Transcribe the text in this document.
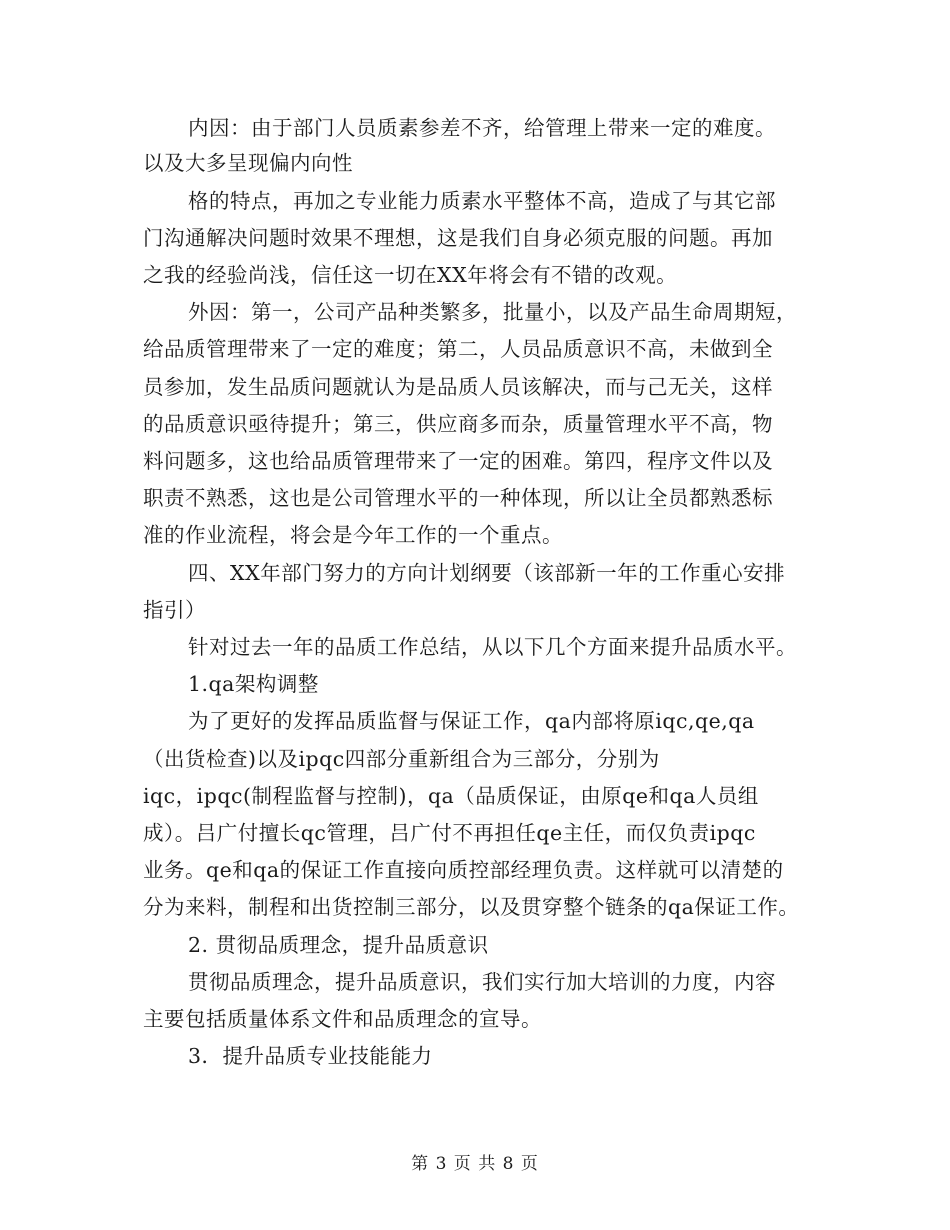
内因：由于部门人员质素参差不齐，给管理上带来一定的难度。
以及大多呈现偏内向性
格的特点，再加之专业能力质素水平整体不高，造成了与其它部
门沟通解决问题时效果不理想，这是我们自身必须克服的问题。再加
之我的经验尚浅，信任这一切在XX年将会有不错的改观。
外因：第一，公司产品种类繁多，批量小，以及产品生命周期短，
给品质管理带来了一定的难度；第二，人员品质意识不高，未做到全
员参加，发生品质问题就认为是品质人员该解决，而与己无关，这样
的品质意识亟待提升；第三，供应商多而杂，质量管理水平不高，物
料问题多，这也给品质管理带来了一定的困难。第四，程序文件以及
职责不熟悉，这也是公司管理水平的一种体现，所以让全员都熟悉标
准的作业流程，将会是今年工作的一个重点。
四、XX年部门努力的方向计划纲要（该部新一年的工作重心安排
指引）
针对过去一年的品质工作总结，从以下几个方面来提升品质水平。
1.qa架构调整
为了更好的发挥品质监督与保证工作，qa内部将原iqc,qe,qa
（出货检查)以及ipqc四部分重新组合为三部分，分别为
iqc，ipqc(制程监督与控制)，qa（品质保证，由原qe和qa人员组
成）。吕广付擅长qc管理，吕广付不再担任qe主任，而仅负责ipqc
业务。qe和qa的保证工作直接向质控部经理负责。这样就可以清楚的
分为来料，制程和出货控制三部分，以及贯穿整个链条的qa保证工作。
2. 贯彻品质理念，提升品质意识
贯彻品质理念，提升品质意识，我们实行加大培训的力度，内容
主要包括质量体系文件和品质理念的宣导。
3．提升品质专业技能能力
第 3 页 共 8 页
